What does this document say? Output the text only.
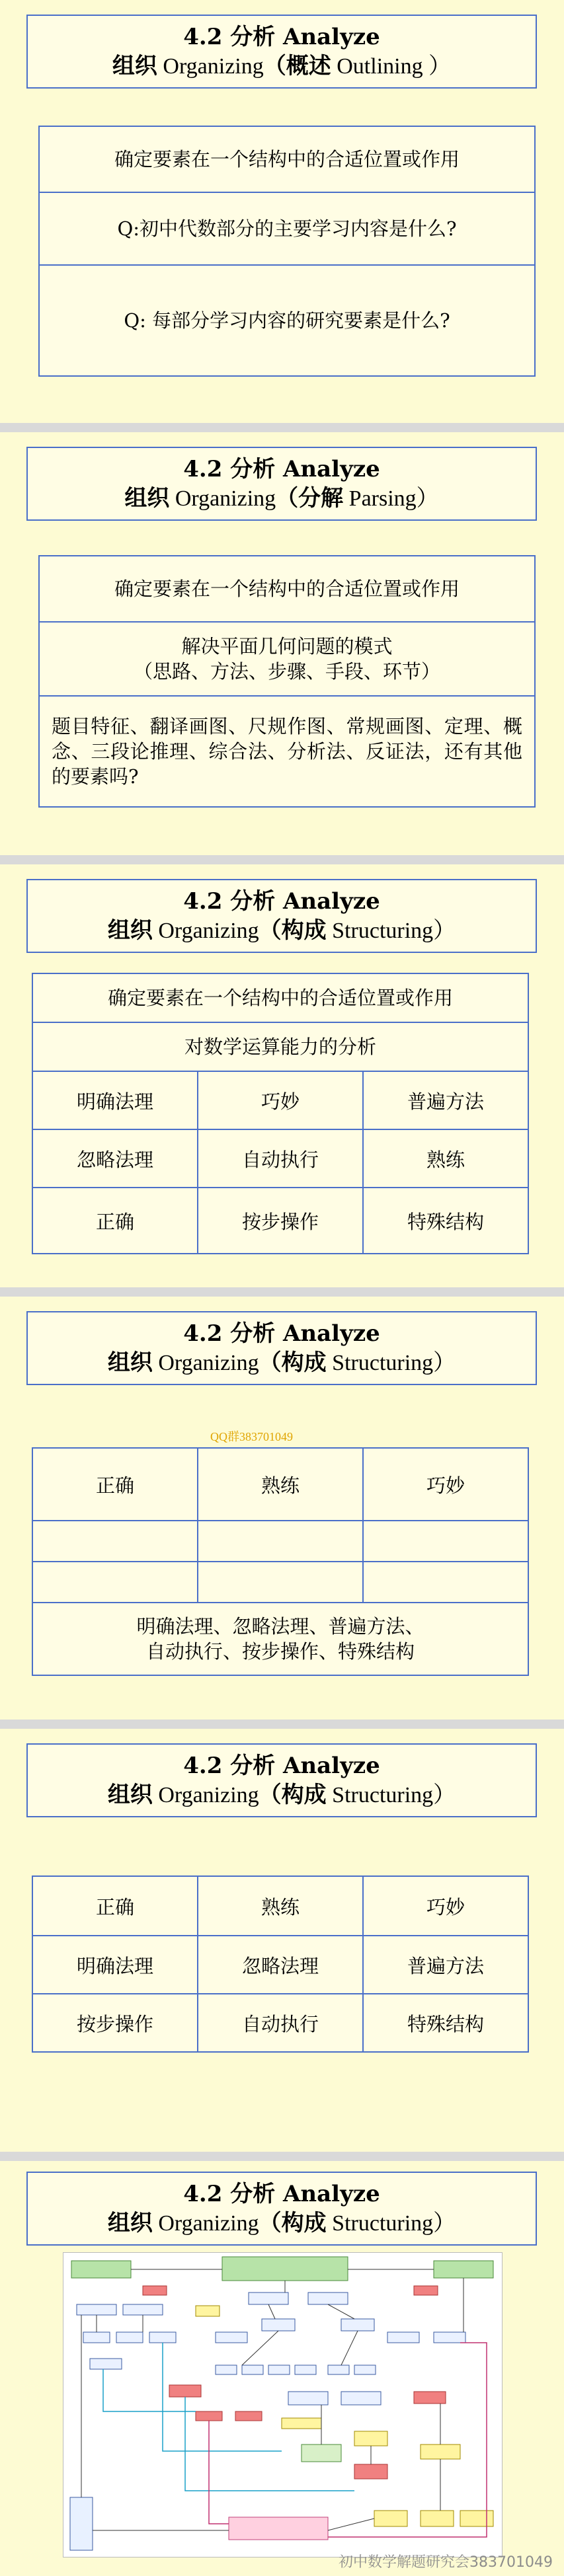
4.2 分析 Analyze
组织 Organizing（概述 Outlining ）
确定要素在一个结构中的合适位置或作用
Q:初中代数部分的主要学习内容是什么?
Q: 每部分学习内容的研究要素是什么?
4.2 分析 Analyze
组织 Organizing（分解 Parsing）
确定要素在一个结构中的合适位置或作用
解决平面几何问题的模式
（思路、方法、步骤、手段、环节）
题目特征、翻译画图、尺规作图、常规画图、定理、概念、三段论推理、综合法、分析法、反证法，还有其他的要素吗?
4.2 分析 Analyze
组织 Organizing（构成 Structuring）
确定要素在一个结构中的合适位置或作用
对数学运算能力的分析
明确法理	巧妙	普遍方法
忽略法理	自动执行	熟练
正确	按步操作	特殊结构
4.2 分析 Analyze
组织 Organizing（构成 Structuring）
QQ群383701049
正确	熟练	巧妙
明确法理、忽略法理、普遍方法、
自动执行、按步操作、特殊结构
4.2 分析 Analyze
组织 Organizing（构成 Structuring）
正确	熟练	巧妙
明确法理	忽略法理	普遍方法
按步操作	自动执行	特殊结构
4.2 分析 Analyze
组织 Organizing（构成 Structuring）
初中数学解题研究会383701049
